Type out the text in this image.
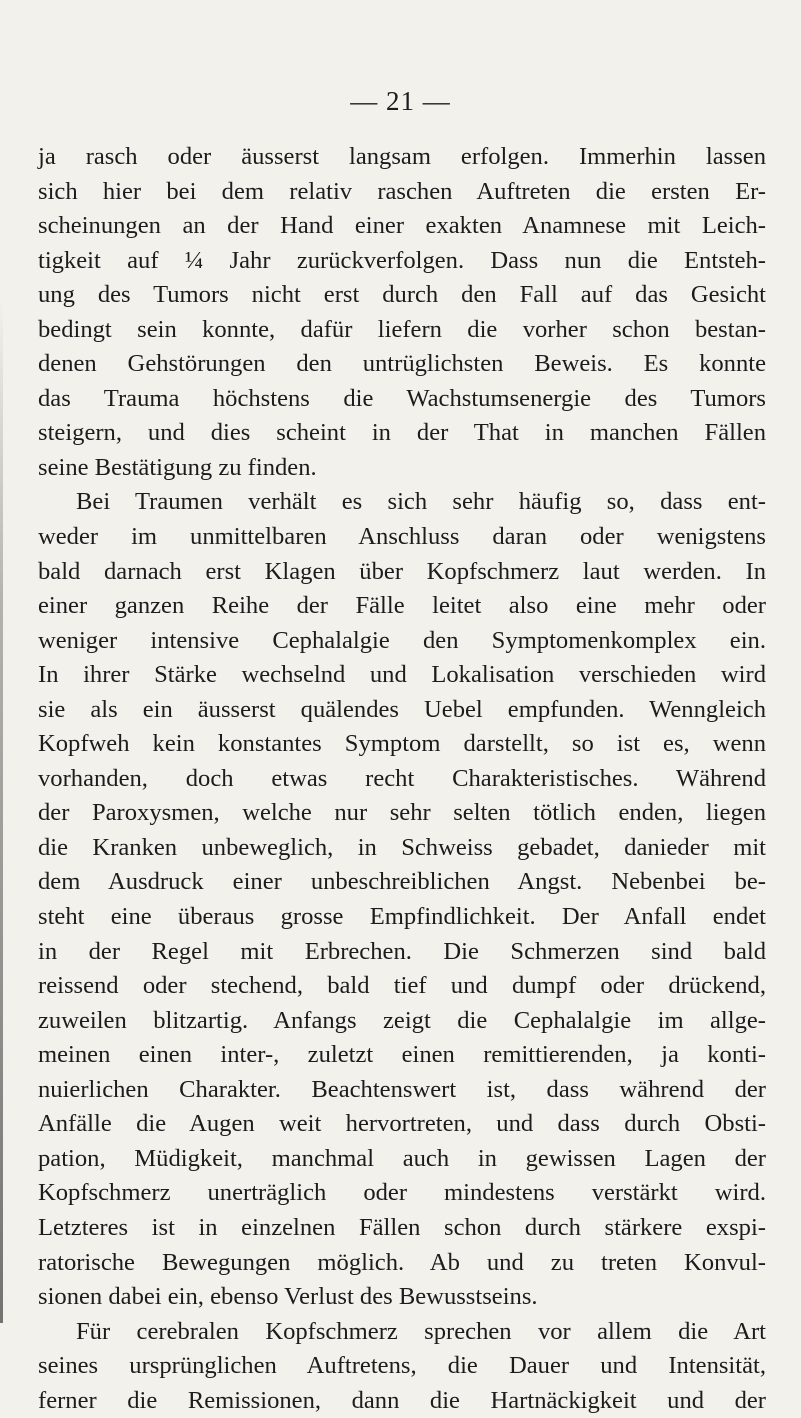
— 21 —
ja rasch oder äusserst langsam erfolgen. Immerhin lassen
sich hier bei dem relativ raschen Auftreten die ersten Er-
scheinungen an der Hand einer exakten Anamnese mit Leich-
tigkeit auf ¼ Jahr zurückverfolgen. Dass nun die Entsteh-
ung des Tumors nicht erst durch den Fall auf das Gesicht
bedingt sein konnte, dafür liefern die vorher schon bestan-
denen Gehstörungen den untrüglichsten Beweis. Es konnte
das Trauma höchstens die Wachstumsenergie des Tumors
steigern, und dies scheint in der That in manchen Fällen
seine Bestätigung zu finden.
Bei Traumen verhält es sich sehr häufig so, dass ent-
weder im unmittelbaren Anschluss daran oder wenigstens
bald darnach erst Klagen über Kopfschmerz laut werden. In
einer ganzen Reihe der Fälle leitet also eine mehr oder
weniger intensive Cephalalgie den Symptomenkomplex ein.
In ihrer Stärke wechselnd und Lokalisation verschieden wird
sie als ein äusserst quälendes Uebel empfunden. Wenngleich
Kopfweh kein konstantes Symptom darstellt, so ist es, wenn
vorhanden, doch etwas recht Charakteristisches. Während
der Paroxysmen, welche nur sehr selten tötlich enden, liegen
die Kranken unbeweglich, in Schweiss gebadet, danieder mit
dem Ausdruck einer unbeschreiblichen Angst. Nebenbei be-
steht eine überaus grosse Empfindlichkeit. Der Anfall endet
in der Regel mit Erbrechen. Die Schmerzen sind bald
reissend oder stechend, bald tief und dumpf oder drückend,
zuweilen blitzartig. Anfangs zeigt die Cephalalgie im allge-
meinen einen inter-, zuletzt einen remittierenden, ja konti-
nuierlichen Charakter. Beachtenswert ist, dass während der
Anfälle die Augen weit hervortreten, und dass durch Obsti-
pation, Müdigkeit, manchmal auch in gewissen Lagen der
Kopfschmerz unerträglich oder mindestens verstärkt wird.
Letzteres ist in einzelnen Fällen schon durch stärkere exspi-
ratorische Bewegungen möglich. Ab und zu treten Konvul-
sionen dabei ein, ebenso Verlust des Bewusstseins.
Für cerebralen Kopfschmerz sprechen vor allem die Art
seines ursprünglichen Auftretens, die Dauer und Intensität,
ferner die Remissionen, dann die Hartnäckigkeit und der
